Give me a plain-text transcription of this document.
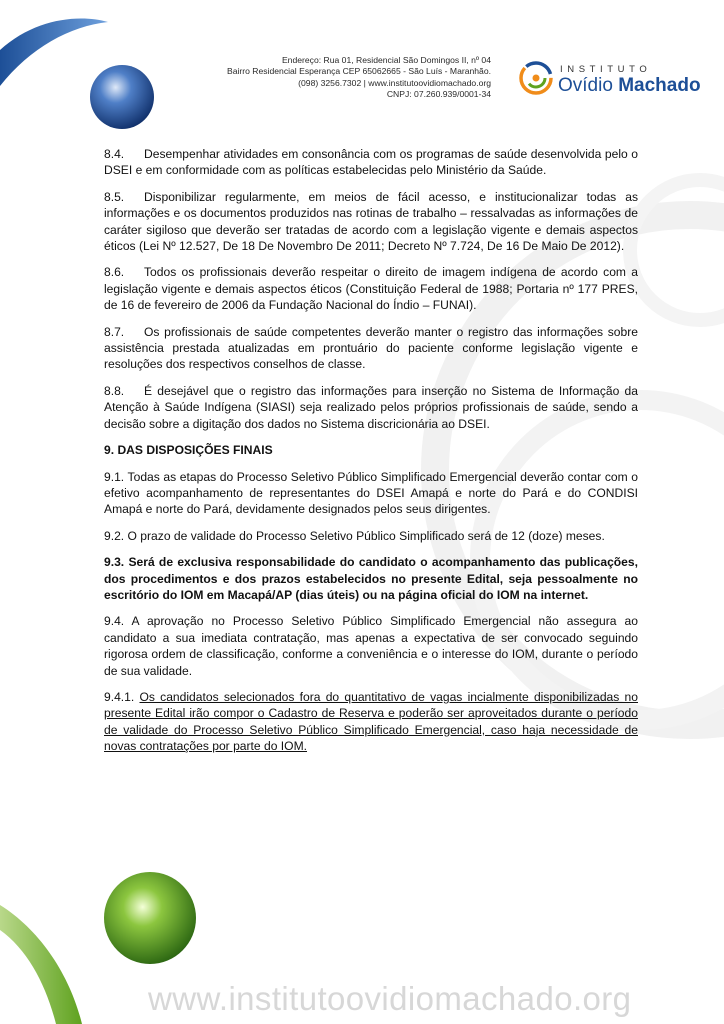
Endereço: Rua 01, Residencial São Domingos II, nº 04
Bairro Residencial Esperança CEP 65062665 - São Luís - Maranhão.
(098) 3256.7302 | www.institutoovidiomachado.org
CNPJ: 07.260.939/0001-34
INSTITUTO
Ovídio Machado

8.4. Desempenhar atividades em consonância com os programas de saúde desenvolvida pelo o DSEI e em conformidade com as políticas estabelecidas pelo Ministério da Saúde.

8.5. Disponibilizar regularmente, em meios de fácil acesso, e institucionalizar todas as informações e os documentos produzidos nas rotinas de trabalho – ressalvadas as informações de caráter sigiloso que deverão ser tratadas de acordo com a legislação vigente e demais aspectos éticos (Lei Nº 12.527, De 18 De Novembro De 2011; Decreto Nº 7.724, De 16 De Maio De 2012).

8.6. Todos os profissionais deverão respeitar o direito de imagem indígena de acordo com a legislação vigente e demais aspectos éticos (Constituição Federal de 1988; Portaria nº 177 PRES, de 16 de fevereiro de 2006 da Fundação Nacional do Índio – FUNAI).

8.7. Os profissionais de saúde competentes deverão manter o registro das informações sobre assistência prestada atualizadas em prontuário do paciente conforme legislação vigente e resoluções dos respectivos conselhos de classe.

8.8. É desejável que o registro das informações para inserção no Sistema de Informação da Atenção à Saúde Indígena (SIASI) seja realizado pelos próprios profissionais de saúde, sendo a decisão sobre a digitação dos dados no Sistema discricionária ao DSEI.

9. DAS DISPOSIÇÕES FINAIS

9.1. Todas as etapas do Processo Seletivo Público Simplificado Emergencial deverão contar com o efetivo acompanhamento de representantes do DSEI Amapá e norte do Pará e do CONDISI Amapá e norte do Pará, devidamente designados pelos seus dirigentes.

9.2. O prazo de validade do Processo Seletivo Público Simplificado será de 12 (doze) meses.

9.3. Será de exclusiva responsabilidade do candidato o acompanhamento das publicações, dos procedimentos e dos prazos estabelecidos no presente Edital, seja pessoalmente no escritório do IOM em Macapá/AP (dias úteis) ou na página oficial do IOM na internet.

9.4. A aprovação no Processo Seletivo Público Simplificado Emergencial não assegura ao candidato a sua imediata contratação, mas apenas a expectativa de ser convocado seguindo rigorosa ordem de classificação, conforme a conveniência e o interesse do IOM, durante o período de sua validade.

9.4.1. Os candidatos selecionados fora do quantitativo de vagas incialmente disponibilizadas no presente Edital irão compor o Cadastro de Reserva e poderão ser aproveitados durante o período de validade do Processo Seletivo Público Simplificado Emergencial, caso haja necessidade de novas contratações por parte do IOM.

www.institutoovidiomachado.org
